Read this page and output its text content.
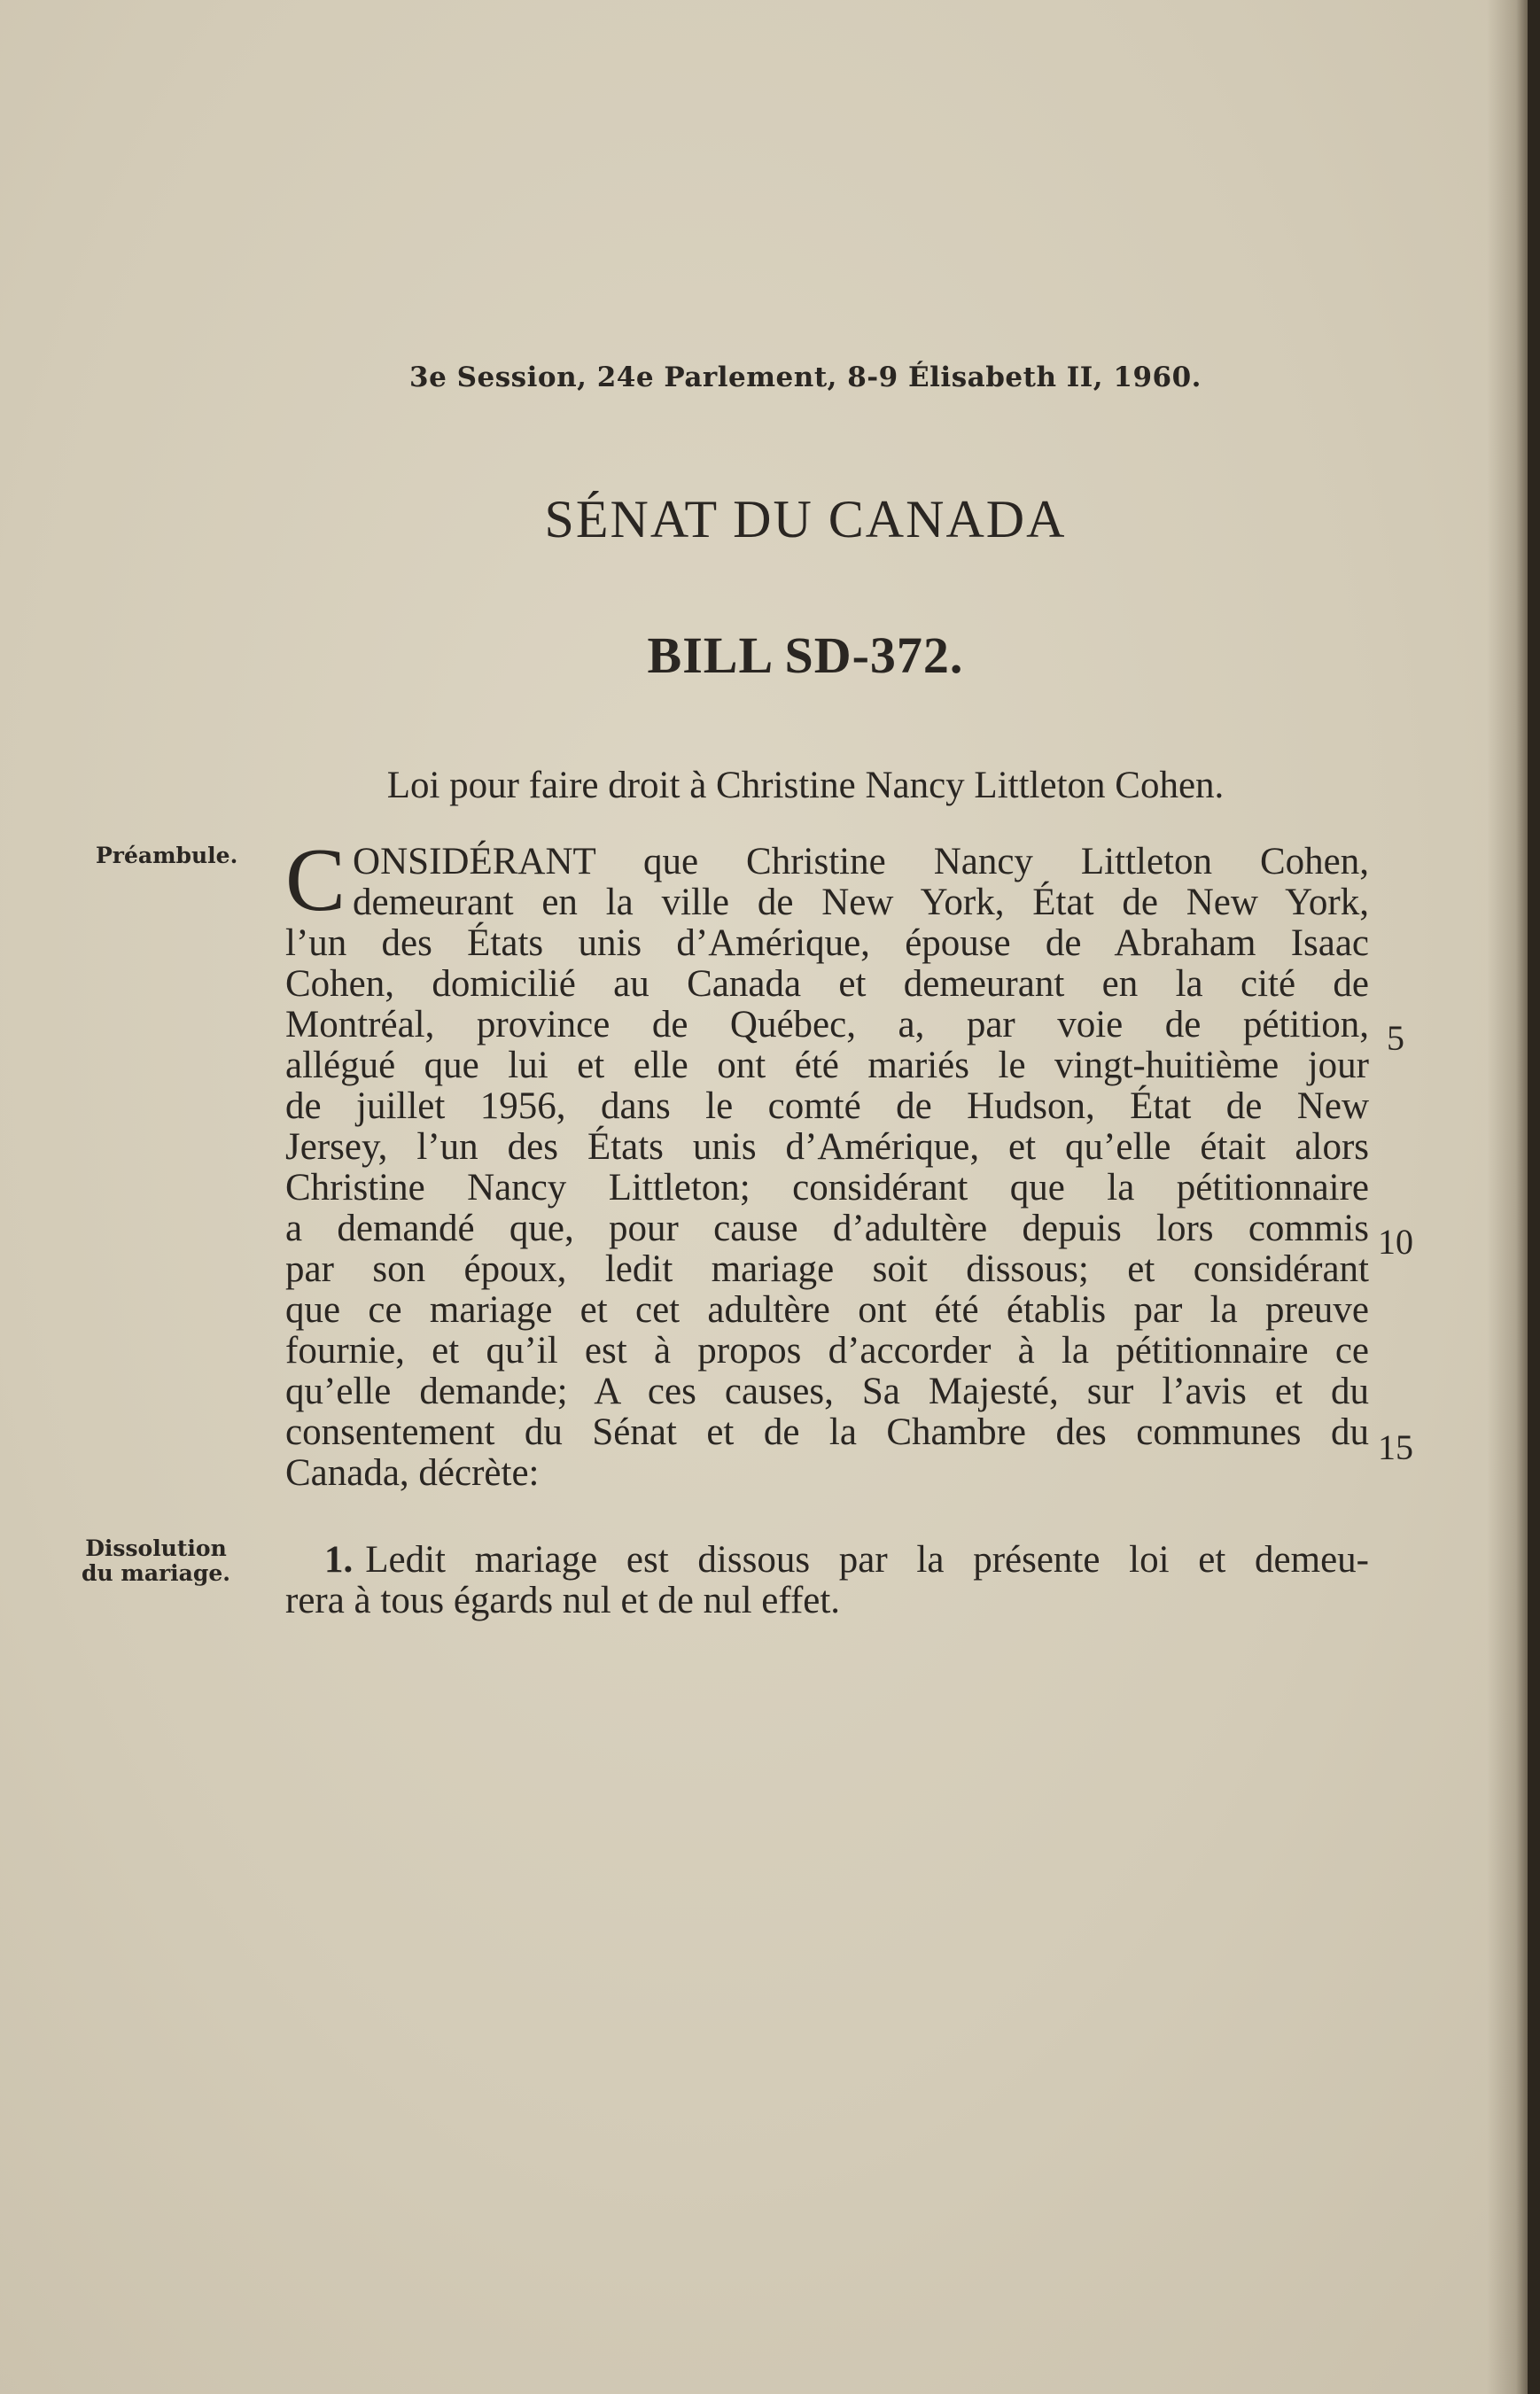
3e Session, 24e Parlement, 8-9 Élisabeth II, 1960.
SÉNAT DU CANADA
BILL SD-372.
Loi pour faire droit à Christine Nancy Littleton Cohen.
Préambule. C ONSIDÉRANT que Christine Nancy Littleton Cohen,
demeurant en la ville de New York, État de New York,
l’un des États unis d’Amérique, épouse de Abraham Isaac
Cohen, domicilié au Canada et demeurant en la cité de
Montréal, province de Québec, a, par voie de pétition,
allégué que lui et elle ont été mariés le vingt-huitième jour
de juillet 1956, dans le comté de Hudson, État de New
Jersey, l’un des États unis d’Amérique, et qu’elle était alors
Christine Nancy Littleton; considérant que la pétitionnaire
a demandé que, pour cause d’adultère depuis lors commis
par son époux, ledit mariage soit dissous; et considérant
que ce mariage et cet adultère ont été établis par la preuve
fournie, et qu’il est à propos d’accorder à la pétitionnaire ce
qu’elle demande; A ces causes, Sa Majesté, sur l’avis et du
consentement du Sénat et de la Chambre des communes du
Canada, décrète:
5
10
15
Dissolution
du mariage.	1. Ledit mariage est dissous par la présente loi et demeu-
rera à tous égards nul et de nul effet.
